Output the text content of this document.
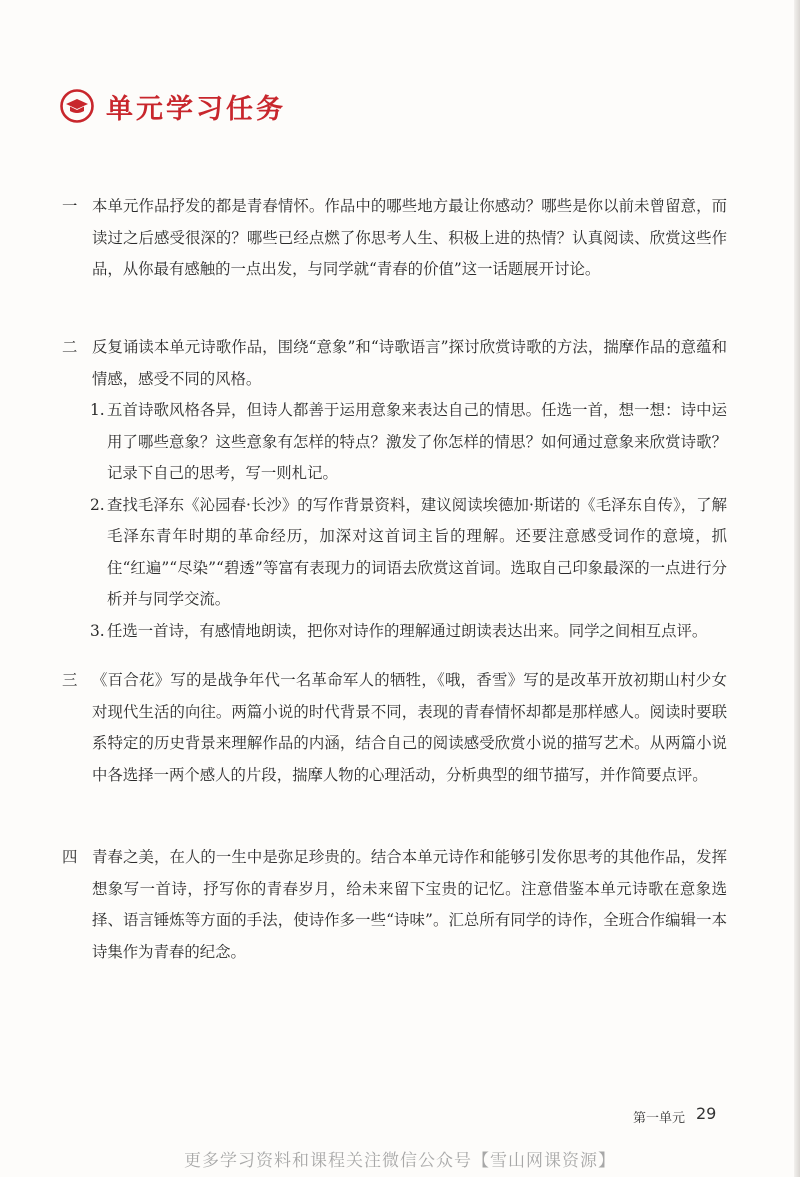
单元学习任务
一 本单元作品抒发的都是青春情怀。作品中的哪些地方最让你感动？哪些是你以前未曾留意，而读过之后感受很深的？哪些已经点燃了你思考人生、积极上进的热情？认真阅读、欣赏这些作品，从你最有感触的一点出发，与同学就“青春的价值”这一话题展开讨论。
二 反复诵读本单元诗歌作品，围绕“意象”和“诗歌语言”探讨欣赏诗歌的方法，揣摩作品的意蕴和情感，感受不同的风格。
1. 五首诗歌风格各异，但诗人都善于运用意象来表达自己的情思。任选一首，想一想：诗中运用了哪些意象？这些意象有怎样的特点？激发了你怎样的情思？如何通过意象来欣赏诗歌？记录下自己的思考，写一则札记。
2. 查找毛泽东《沁园春·长沙》的写作背景资料，建议阅读埃德加·斯诺的《毛泽东自传》，了解毛泽东青年时期的革命经历，加深对这首词主旨的理解。还要注意感受词作的意境，抓住“红遍”“尽染”“碧透”等富有表现力的词语去欣赏这首词。选取自己印象最深的一点进行分析并与同学交流。
3. 任选一首诗，有感情地朗读，把你对诗作的理解通过朗读表达出来。同学之间相互点评。
三 《百合花》写的是战争年代一名革命军人的牺牲，《哦，香雪》写的是改革开放初期山村少女对现代生活的向往。两篇小说的时代背景不同，表现的青春情怀却都是那样感人。阅读时要联系特定的历史背景来理解作品的内涵，结合自己的阅读感受欣赏小说的描写艺术。从两篇小说中各选择一两个感人的片段，揣摩人物的心理活动，分析典型的细节描写，并作简要点评。
四 青春之美，在人的一生中是弥足珍贵的。结合本单元诗作和能够引发你思考的其他作品，发挥想象写一首诗，抒写你的青春岁月，给未来留下宝贵的记忆。注意借鉴本单元诗歌在意象选择、语言锤炼等方面的手法，使诗作多一些“诗味”。汇总所有同学的诗作，全班合作编辑一本诗集作为青春的纪念。
第一单元 29
更多学习资料和课程关注微信公众号【雪山网课资源】
